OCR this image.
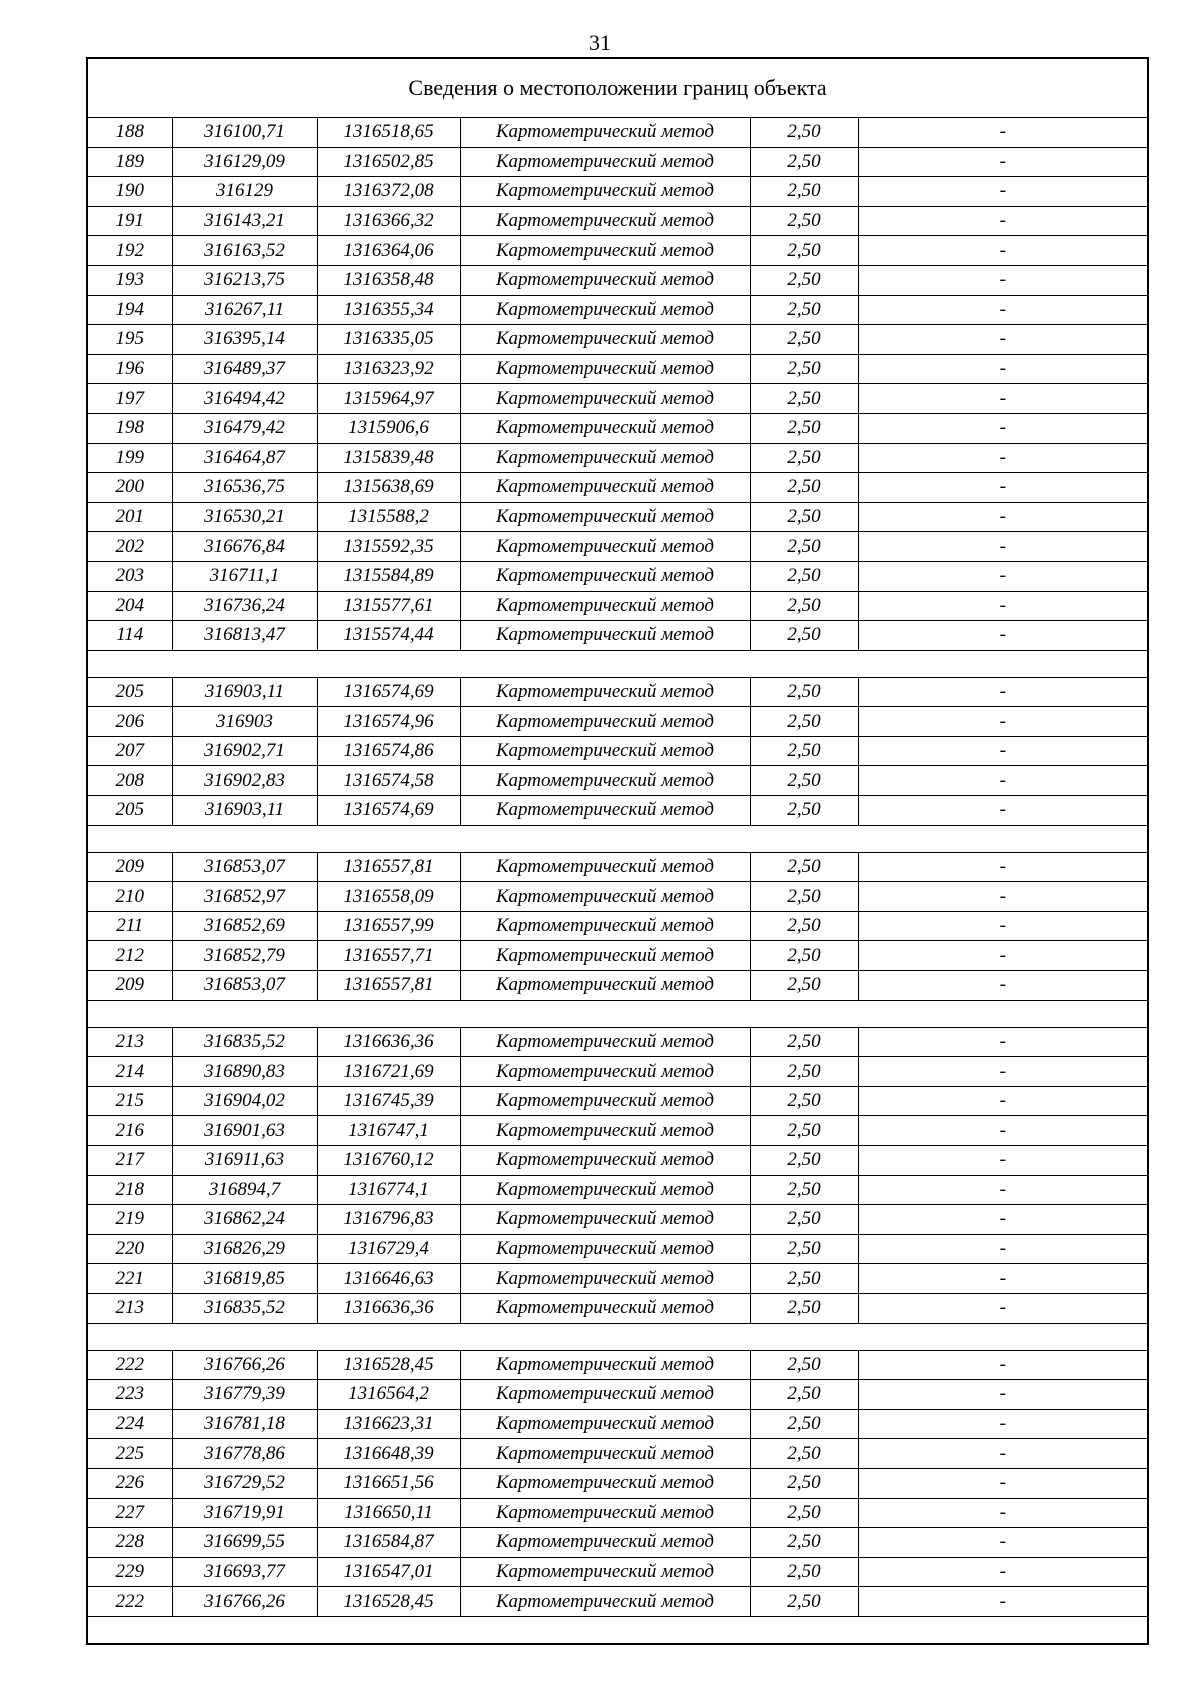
31
Сведения о местоположении границ объекта					
188	316100,71	1316518,65	Картометрический метод	2,50	-
189	316129,09	1316502,85	Картометрический метод	2,50	-
190	316129	1316372,08	Картометрический метод	2,50	-
191	316143,21	1316366,32	Картометрический метод	2,50	-
192	316163,52	1316364,06	Картометрический метод	2,50	-
193	316213,75	1316358,48	Картометрический метод	2,50	-
194	316267,11	1316355,34	Картометрический метод	2,50	-
195	316395,14	1316335,05	Картометрический метод	2,50	-
196	316489,37	1316323,92	Картометрический метод	2,50	-
197	316494,42	1315964,97	Картометрический метод	2,50	-
198	316479,42	1315906,6	Картометрический метод	2,50	-
199	316464,87	1315839,48	Картометрический метод	2,50	-
200	316536,75	1315638,69	Картометрический метод	2,50	-
201	316530,21	1315588,2	Картометрический метод	2,50	-
202	316676,84	1315592,35	Картометрический метод	2,50	-
203	316711,1	1315584,89	Картометрический метод	2,50	-
204	316736,24	1315577,61	Картометрический метод	2,50	-
114	316813,47	1315574,44	Картометрический метод	2,50	-

205	316903,11	1316574,69	Картометрический метод	2,50	-
206	316903	1316574,96	Картометрический метод	2,50	-
207	316902,71	1316574,86	Картометрический метод	2,50	-
208	316902,83	1316574,58	Картометрический метод	2,50	-
205	316903,11	1316574,69	Картометрический метод	2,50	-

209	316853,07	1316557,81	Картометрический метод	2,50	-
210	316852,97	1316558,09	Картометрический метод	2,50	-
211	316852,69	1316557,99	Картометрический метод	2,50	-
212	316852,79	1316557,71	Картометрический метод	2,50	-
209	316853,07	1316557,81	Картометрический метод	2,50	-

213	316835,52	1316636,36	Картометрический метод	2,50	-
214	316890,83	1316721,69	Картометрический метод	2,50	-
215	316904,02	1316745,39	Картометрический метод	2,50	-
216	316901,63	1316747,1	Картометрический метод	2,50	-
217	316911,63	1316760,12	Картометрический метод	2,50	-
218	316894,7	1316774,1	Картометрический метод	2,50	-
219	316862,24	1316796,83	Картометрический метод	2,50	-
220	316826,29	1316729,4	Картометрический метод	2,50	-
221	316819,85	1316646,63	Картометрический метод	2,50	-
213	316835,52	1316636,36	Картометрический метод	2,50	-

222	316766,26	1316528,45	Картометрический метод	2,50	-
223	316779,39	1316564,2	Картометрический метод	2,50	-
224	316781,18	1316623,31	Картометрический метод	2,50	-
225	316778,86	1316648,39	Картометрический метод	2,50	-
226	316729,52	1316651,56	Картометрический метод	2,50	-
227	316719,91	1316650,11	Картометрический метод	2,50	-
228	316699,55	1316584,87	Картометрический метод	2,50	-
229	316693,77	1316547,01	Картометрический метод	2,50	-
222	316766,26	1316528,45	Картометрический метод	2,50	-
